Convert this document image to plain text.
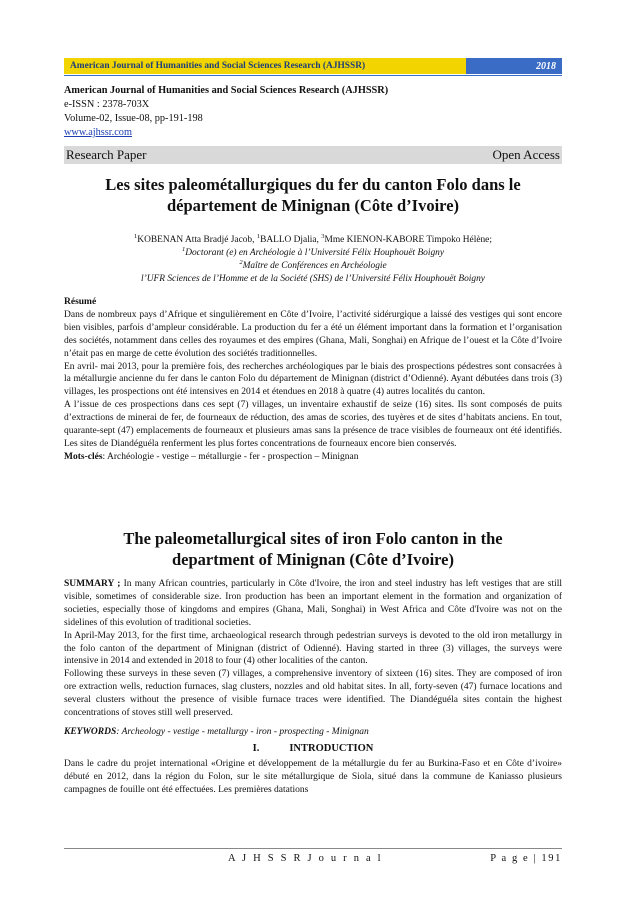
American Journal of Humanities and Social Sciences Research (AJHSSR)	2018
American Journal of Humanities and Social Sciences Research (AJHSSR)
e-ISSN : 2378-703X
Volume-02, Issue-08, pp-191-198
www.ajhssr.com
Research Paper	Open Access
Les sites paleométallurgiques du fer du canton Folo dans le
département de Minignan (Côte d’Ivoire)
$^1$KOBENAN Atta Bradjé Jacob, $^1$BALLO Djalia, $^3$Mme KIENON-KABORE Timpoko Hélène;
$^1$Doctorant (e) en Archéologie à l’Université Félix Houphouët Boigny
$^2$Maître de Conférences en Archéologie
l’UFR Sciences de l’Homme et de la Société (SHS) de l’Université Félix Houphouët Boigny

Résumé

Dans de nombreux pays d’Afrique et singulièrement en Côte d’Ivoire, l’activité sidérurgique a laissé des vestiges qui sont encore bien visibles, parfois d’ampleur considérable. La production du fer a été un élément important dans la formation et l’organisation des sociétés, notamment dans celles des royaumes et des empires (Ghana, Mali, Songhai) en Afrique de l’ouest et la Côte d’Ivoire n’était pas en marge de cette évolution des sociétés traditionnelles.

En avril- mai 2013, pour la première fois, des recherches archéologiques par le biais des prospections pédestres sont consacrées à la métallurgie ancienne du fer dans le canton Folo du département de Minignan (district d’Odienné). Ayant débutées dans trois (3) villages, les prospections ont été intensives en 2014 et étendues en 2018 à quatre (4) autres localités du canton.

A l’issue de ces prospections dans ces sept (7) villages, un inventaire exhaustif de seize (16) sites. Ils sont composés de puits d’extractions de minerai de fer, de fourneaux de réduction, des amas de scories, des tuyères et de sites d’habitats anciens. En tout, quarante-sept (47) emplacements de fourneaux et plusieurs amas sans la présence de trace visibles de fourneaux ont été identifiés. Les sites de Diandéguéla renferment les plus fortes concentrations de fourneaux encore bien conservés.

Mots-clés: Archéologie - vestige – métallurgie - fer - prospection – Minignan

The paleometallurgical sites of iron Folo canton in the
department of Minignan (Côte d’Ivoire)

SUMMARY ; In many African countries, particularly in Côte d'Ivoire, the iron and steel industry has left vestiges that are still visible, sometimes of considerable size. Iron production has been an important element in the formation and organization of societies, especially those of kingdoms and empires (Ghana, Mali, Songhai) in West Africa and Côte d'Ivoire was not on the sidelines of this evolution of traditional societies.

In April-May 2013, for the first time, archaeological research through pedestrian surveys is devoted to the old iron metallurgy in the folo canton of the department of Minignan (district of Odienné). Having started in three (3) villages, the surveys were intensive in 2014 and extended in 2018 to four (4) other localities of the canton.

Following these surveys in these seven (7) villages, a comprehensive inventory of sixteen (16) sites. They are composed of iron ore extraction wells, reduction furnaces, slag clusters, nozzles and old habitat sites. In all, forty-seven (47) furnace locations and several clusters without the presence of visible furnace traces were identified. The Diandéguéla sites contain the highest concentrations of stoves still well preserved.

KEYWORDS: Archeology - vestige - metallurgy - iron - prospecting - Minignan

I.	INTRODUCTION

Dans le cadre du projet international «Origine et développement de la métallurgie du fer au Burkina-Faso et en Côte d’ivoire» débuté en 2012, dans la région du Folon, sur le site métallurgique de Siola, situé dans la commune de Kaniasso plusieurs campagnes de fouille ont été effectuées. Les premières datations

A J H S S R J o u r n a l	P a g e | 191
